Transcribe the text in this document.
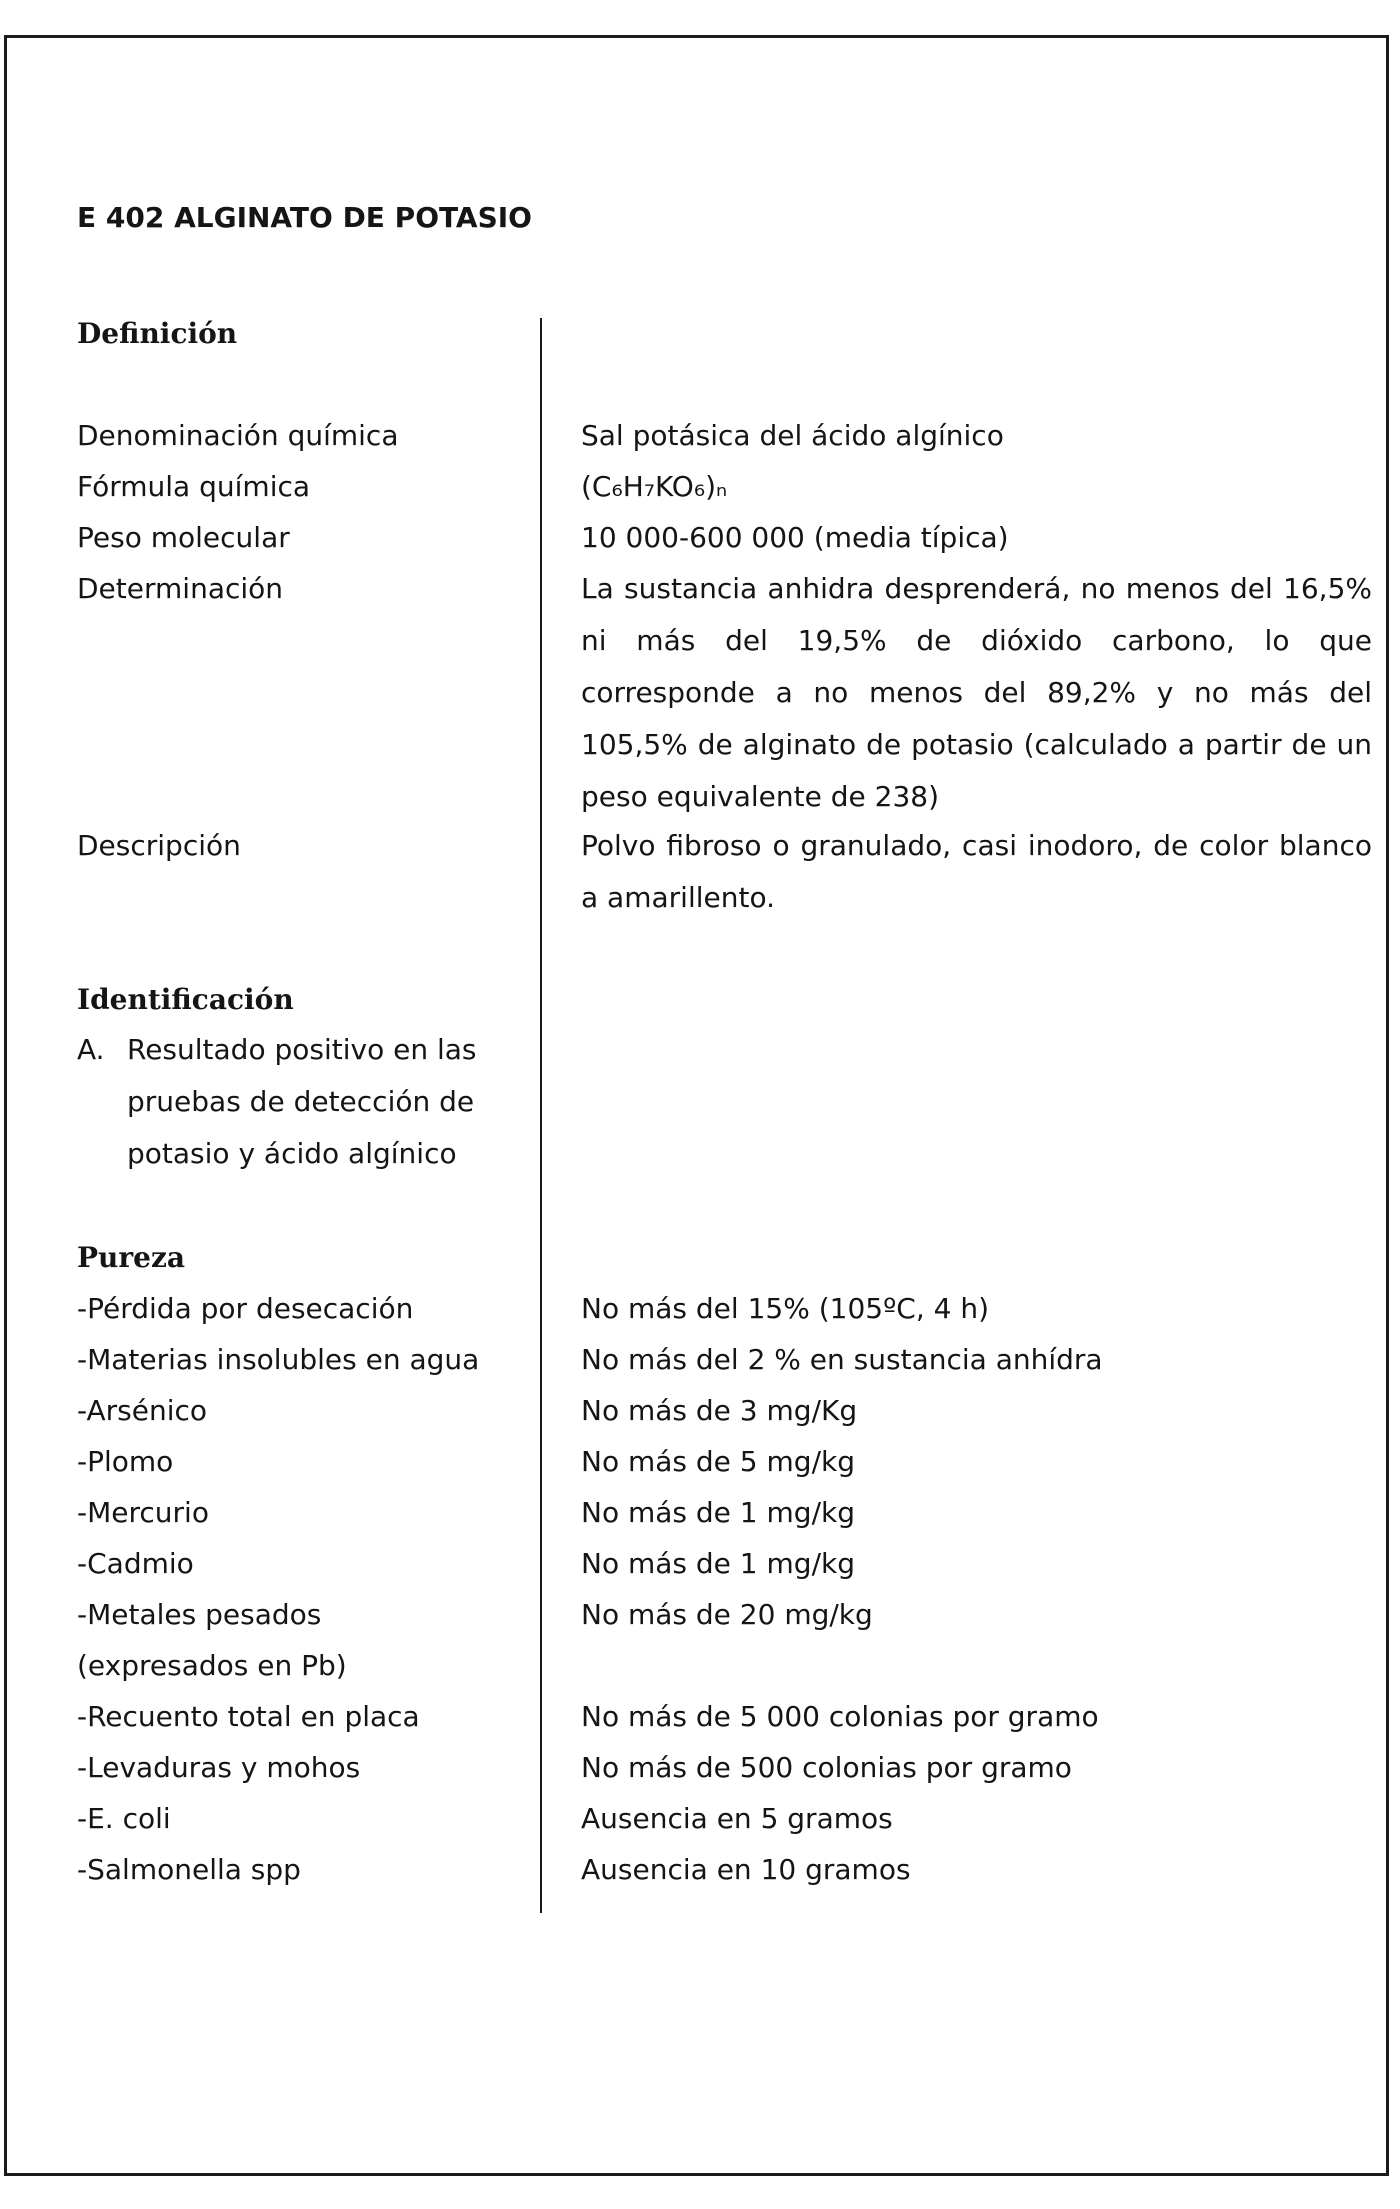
E 402 ALGINATO DE POTASIO
Definición
Denominación química	Sal potásica del ácido algínico
Fórmula química	(C₆H₇KO₆)ₙ
Peso molecular	10 000-600 000 (media típica)
Determinación	La sustancia anhidra desprenderá, no menos del 16,5% ni más del 19,5% de dióxido carbono, lo que corresponde a no menos del 89,2% y no más del 105,5% de alginato de potasio (calculado a partir de un peso equivalente de 238)
Descripción	Polvo fibroso o granulado, casi inodoro, de color blanco a amarillento.
Identificación
A. Resultado positivo en las pruebas de detección de potasio y ácido algínico
Pureza
-Pérdida por desecación	No más del 15% (105ºC, 4 h)
-Materias insolubles en agua	No más del 2 % en sustancia anhídra
-Arsénico	No más de 3 mg/Kg
-Plomo	No más de 5 mg/kg
-Mercurio	No más de 1 mg/kg
-Cadmio	No más de 1 mg/kg
-Metales pesados	No más de 20 mg/kg
(expresados en Pb)
-Recuento total en placa	No más de 5 000 colonias por gramo
-Levaduras y mohos	No más de 500 colonias por gramo
-E. coli	Ausencia en 5 gramos
-Salmonella spp	Ausencia en 10 gramos
